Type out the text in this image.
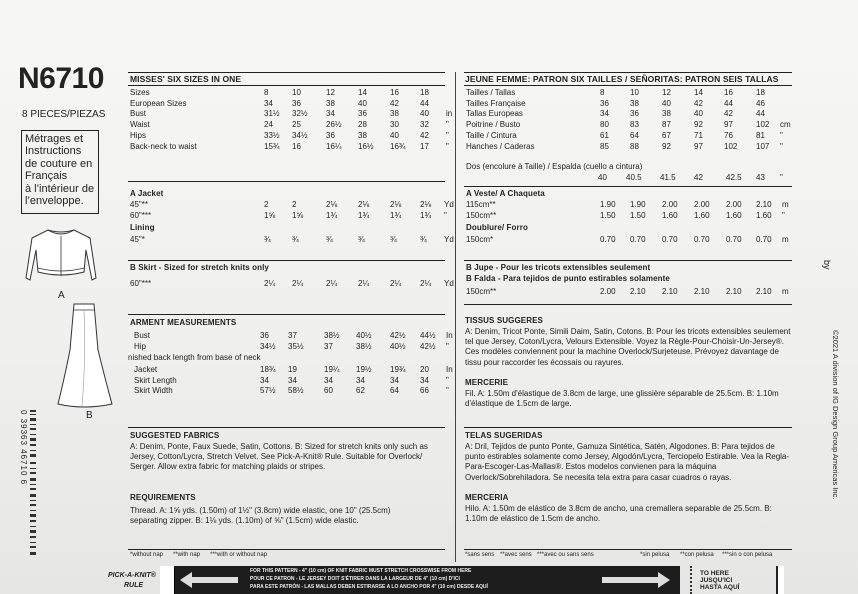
N6710
8 PIECES/PIEZAS
Métrages et
Instructions
de couture en
Français
à l’intérieur de
l’enveloppe.
A
B
0 39363 46710 6
by
©2021 A division of IG Design Group Americas Inc.
MISSES' SIX SIZES IN ONE	JEUNE FEMME: PATRON SIX TAILLES / SEÑORITAS: PATRON SEIS TALLAS
Sizes	8	10	12	14	16	18
European Sizes	34 36	38	40	42	44
Bust	31½ 32½ 34	36	38	40 in
Waist	24 25	26½ 28	30	32 "
Hips	33½ 34½ 36	38	40	42 "
Back-neck to waist	15¾ 16	16¼ 16½ 16¾ 17 "
Tailles / Tallas	8	10	12	14	16	18
Tailles Française	36	38	40	42	44	46
Tallas Europeas	34	36	38	40	42	44
Poitrine / Busto	80	83	87	92	97	102 cm
Taille / Cintura	61	64	67	71	76	81 "
Hanches / Caderas	85	88	92	97	102 107 "
Dos (encolure à Taille) / Espalda (cuello a cintura)
40 40.5 41.5 42	42.5 43 "
A Jacket
45"**	2	2	2⅛	2⅛	2⅛ 2⅛ Yd
60"***	1⅝ 1⅝	1¾	1¾	1¾ 1¾ "
Lining
45"*	¾	¾	¾	¾	¾	¾ Yd
B Skirt - Sized for stretch knits only
60"***	2¼ 2¼	2¼	2¼	2¼ 2¼ Yd
A Veste/ A Chaqueta
115cm**	1.90 1.90 2.00 2.00 2.00 2.10 m
150cm**	1.50 1.50 1.60 1.60 1.60 1.60 "
Doublure/ Forro
150cm*	0.70 0.70 0.70 0.70 0.70 0.70 m
B Jupe - Pour les tricots extensibles seulement
B Falda - Para tejidos de punto estirables solamente
150cm**	2.00 2.10 2.10 2.10 2.10 2.10 m
ARMENT MEASUREMENTS
Bust	36 37	38½ 40½ 42½ 44½ In
Hip	34½ 35½	37	38½ 40½ 42½ "
nished back length from base of neck
Jacket	18¾ 19	19¼ 19½ 19¾ 20 In
Skirt Length	34 34	34	34	34	34 "
Skirt Width	57½ 58½	60	62	64	66 "
TISSUS SUGGERES
A: Denim, Tricot Ponte, Simili Daim, Satin, Cotons. B: Pour les tricots extensibles seulement tel que Jersey, Coton/Lycra, Velours Extensible. Voyez la Règle-Pour-Choisir-Un-Jersey®. Ces modèles conviennent pour la machine Overlock/Surjeteuse. Prévoyez davantage de tissu pour raccorder les écossais ou rayures.
MERCERIE
Fil. A: 1.50m d'élastique de 3.8cm de large, une glissière séparable de 25.5cm. B: 1.10m d'élastique de 1.5cm de large.
TELAS SUGERIDAS
A: Dril, Tejidos de punto Ponte, Gamuza Sintética, Satén, Algodones. B: Para tejidos de punto estirables solamente como Jersey, Algodón/Lycra, Terciopelo Estirable. Vea la Regla-Para-Escoger-Las-Mallas®. Estos modelos convienen para la máquina Overlock/Sobrehiladora. Se necesita tela extra para casar cuadros o rayas.
MERCERIA
Hilo. A: 1.50m de elástico de 3.8cm de ancho, una cremallera separable de 25.5cm. B: 1.10m de elástico de 1.5cm de ancho.
SUGGESTED FABRICS
A: Denim, Ponte, Faux Suede, Satin, Cottons. B: Sized for stretch knits only such as Jersey, Cotton/Lycra, Stretch Velvet. See Pick-A-Knit® Rule. Suitable for Overlock/ Serger. Allow extra fabric for matching plaids or stripes.
REQUIREMENTS
Thread. A: 1⅝ yds. (1.50m) of 1½" (3.8cm) wide elastic, one 10" (25.5cm) separating zipper. B: 1⅛ yds. (1.10m) of ⅝" (1.5cm) wide elastic.
*without nap **with nap ***with or without nap	*sans sens **avec sens ***avec ou sans sens	*sin pelusa **con pelusa ***sin o con pelusa
PICK-A-KNIT®
RULE
FOR THIS PATTERN - 4" (10 cm) OF KNIT FABRIC MUST STRETCH CROSSWISE FROM HERE
POUR CE PATRON - LE JERSEY DOIT S'ÉTIRER DANS LA LARGEUR DE 4" (10 cm) D'ICI
PARA ESTE PATRÓN - LAS MALLAS DEBEN ESTIRARSE A LO ANCHO POR 4" (10 cm) DESDE AQUÍ
TO HERE
JUSQU'ICI
HASTA AQUÍ
